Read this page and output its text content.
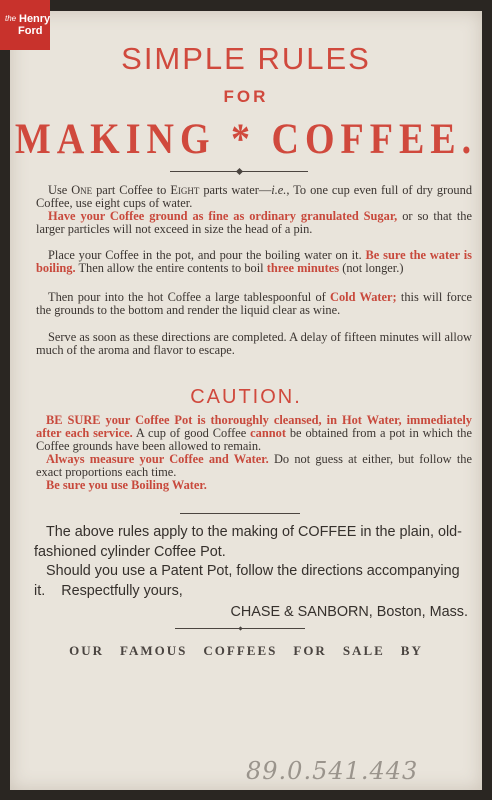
the Henry
Ford
SIMPLE RULES
FOR
MAKING * COFFEE.
Use One part Coffee to Eight parts water—i.e., To one cup even full of dry ground Coffee, use eight cups of water.
Have your Coffee ground as fine as ordinary granulated Sugar, or so that the larger particles will not exceed in size the head of a pin.
Place your Coffee in the pot, and pour the boiling water on it. Be sure the water is boiling. Then allow the entire contents to boil three minutes (not longer.)
Then pour into the hot Coffee a large tablespoonful of Cold Water; this will force the grounds to the bottom and render the liquid clear as wine.
Serve as soon as these directions are completed. A delay of fifteen minutes will allow much of the aroma and flavor to escape.
CAUTION.
BE SURE your Coffee Pot is thoroughly cleansed, in Hot Water, immediately after each service. A cup of good Coffee cannot be obtained from a pot in which the Coffee grounds have been allowed to remain.
Always measure your Coffee and Water. Do not guess at either, but follow the exact proportions each time.
Be sure you use Boiling Water.
The above rules apply to the making of COFFEE in the plain, old-fashioned cylinder Coffee Pot.
Should you use a Patent Pot, follow the directions accompanying it. Respectfully yours,
CHASE & SANBORN, Boston, Mass.
OUR FAMOUS COFFEES FOR SALE BY
89.0.541.443
